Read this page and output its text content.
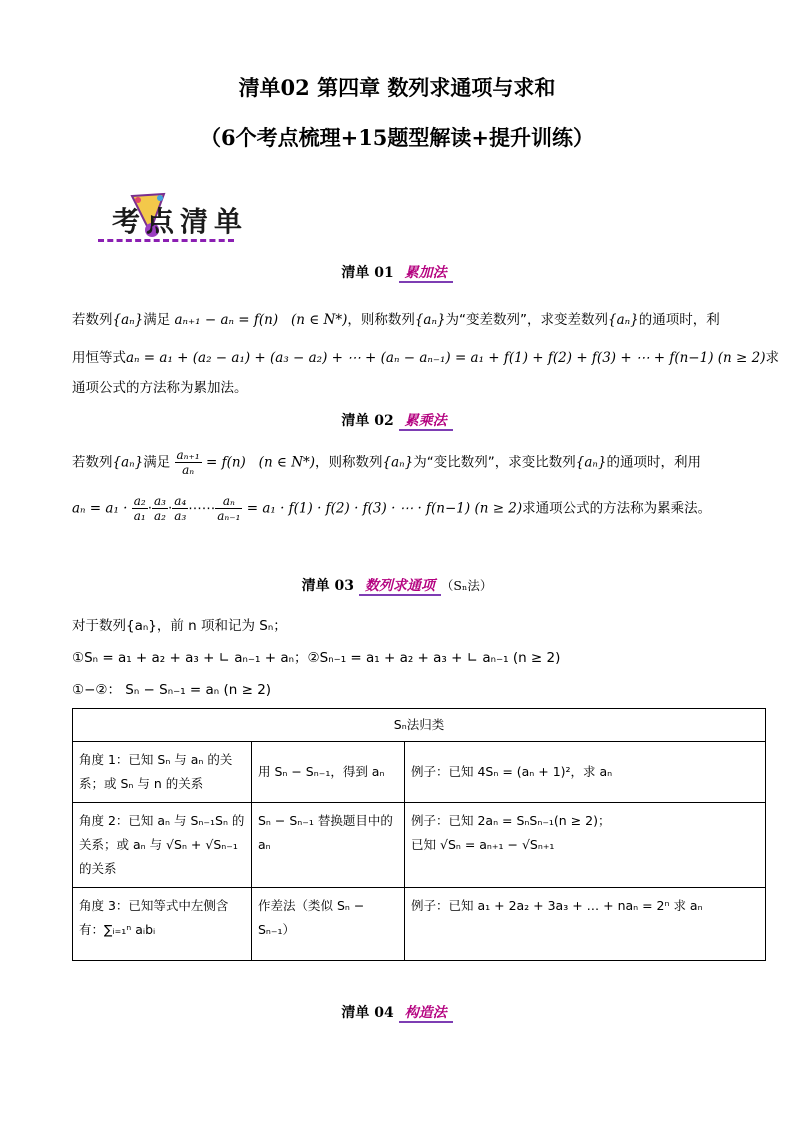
清单02 第四章 数列求通项与求和
（6个考点梳理+15题型解读+提升训练）
考点清单
清单 01 累加法
若数列{aₙ}满足 aₙ₊₁ − aₙ = f(n) (n ∈ N*)，则称数列{aₙ}为“变差数列”，求变差数列{aₙ}的通项时，利
用恒等式aₙ = a₁ + (a₂ − a₁) + (a₃ − a₂) + ⋯ + (aₙ − aₙ₋₁) = a₁ + f(1) + f(2) + f(3) + ⋯ + f(n−1) (n ≥ 2)求
通项公式的方法称为累加法。
清单 02 累乘法
若数列{aₙ}满足 $\frac{\text{aₙ₊₁}}{\text{aₙ}} = f(n)$ (n ∈ N*)，则称数列{aₙ}为“变比数列”，求变比数列{aₙ}的通项时，利用
$a_n = a_1 \cdot \frac{\text{a₂}}{\text{a₁}} \cdot \frac{\text{a₃}}{\text{a₂}} \cdot \frac{\text{a₄}}{\text{a₃}}$ ⋯⋯ $\frac{\text{aₙ}}{\text{aₙ₋₁}} = a_1 \cdot f(1) \cdot f(2) \cdot f(3)$ · ⋯ · f(n−1) (n ≥ 2)求通项公式的方法称为累乘法。
清单 03 数列求通项 （Sₙ法）
对于数列{aₙ}，前 n 项和记为 Sₙ；
①Sₙ = a₁ + a₂ + a₃ + ∟ aₙ₋₁ + aₙ；②Sₙ₋₁ = a₁ + a₂ + a₃ + ∟ aₙ₋₁ (n ≥ 2)
①−②： Sₙ − Sₙ₋₁ = aₙ (n ≥ 2)
Sₙ法归类		
角度 1：已知 Sₙ 与 aₙ 的关系；或 Sₙ 与 n 的关系	用 Sₙ − Sₙ₋₁，得到 aₙ	例子：已知 4Sₙ = (aₙ + 1)²，求 aₙ
角度 2：已知 aₙ 与 Sₙ₋₁Sₙ 的关系；或 aₙ 与 √Sₙ + √Sₙ₋₁ 的关系	Sₙ − Sₙ₋₁ 替换题目中的 aₙ	例子：已知 2aₙ = SₙSₙ₋₁(n ≥ 2)；
已知 √Sₙ = aₙ₊₁ − √Sₙ₊₁

角度 3：已知等式中左侧含有：∑ᵢ₌₁ⁿ aᵢbᵢ	作差法（类似 Sₙ − Sₙ₋₁）	例子：已知 a₁ + 2a₂ + 3a₃ + … + naₙ = 2ⁿ 求 aₙ
清单 04 构造法
